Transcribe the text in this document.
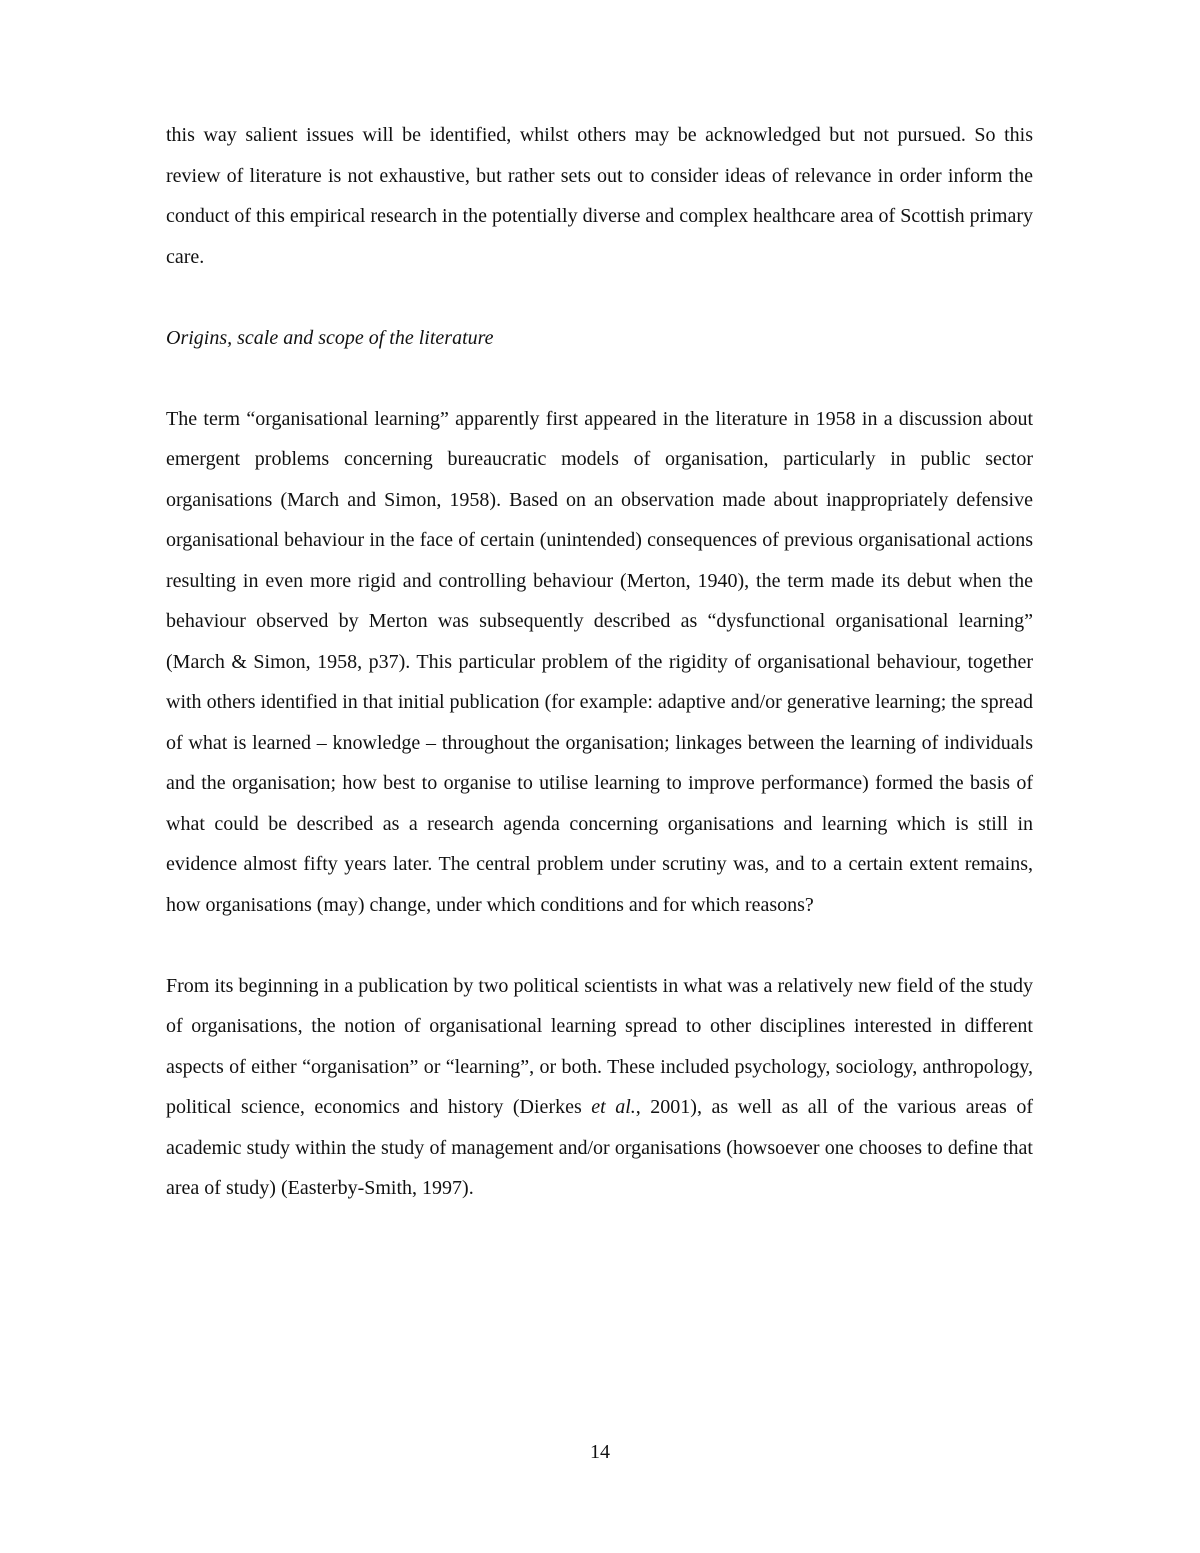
this way salient issues will be identified, whilst others may be acknowledged but not pursued. So this review of literature is not exhaustive, but rather sets out to consider ideas of relevance in order inform the conduct of this empirical research in the potentially diverse and complex healthcare area of Scottish primary care.

Origins, scale and scope of the literature

The term “organisational learning” apparently first appeared in the literature in 1958 in a discussion about emergent problems concerning bureaucratic models of organisation, particularly in public sector organisations (March and Simon, 1958). Based on an observation made about inappropriately defensive organisational behaviour in the face of certain (unintended) consequences of previous organisational actions resulting in even more rigid and controlling behaviour (Merton, 1940), the term made its debut when the behaviour observed by Merton was subsequently described as “dysfunctional organisational learning” (March & Simon, 1958, p37). This particular problem of the rigidity of organisational behaviour, together with others identified in that initial publication (for example: adaptive and/or generative learning; the spread of what is learned – knowledge – throughout the organisation; linkages between the learning of individuals and the organisation; how best to organise to utilise learning to improve performance) formed the basis of what could be described as a research agenda concerning organisations and learning which is still in evidence almost fifty years later. The central problem under scrutiny was, and to a certain extent remains, how organisations (may) change, under which conditions and for which reasons?

From its beginning in a publication by two political scientists in what was a relatively new field of the study of organisations, the notion of organisational learning spread to other disciplines interested in different aspects of either “organisation” or “learning”, or both. These included psychology, sociology, anthropology, political science, economics and history (Dierkes et al., 2001), as well as all of the various areas of academic study within the study of management and/or organisations (howsoever one chooses to define that area of study) (Easterby-Smith, 1997).

14
